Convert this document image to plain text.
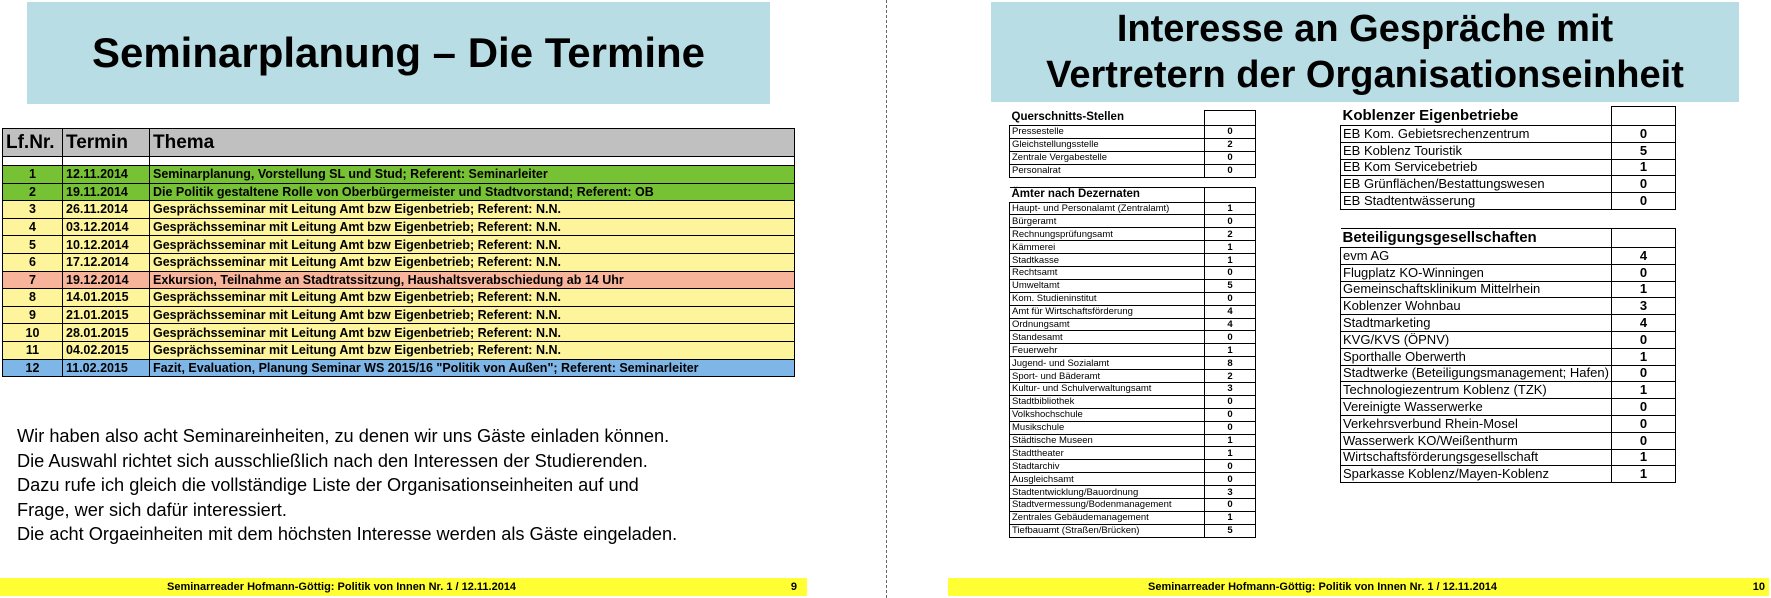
Seminarplanung – Die Termine
Lf.Nr.	Termin	Thema

1	12.11.2014	Seminarplanung, Vorstellung SL und Stud; Referent: Seminarleiter
2	19.11.2014	Die Politik gestaltene Rolle von Oberbürgermeister und Stadtvorstand; Referent: OB
3	26.11.2014	Gesprächsseminar mit Leitung Amt bzw Eigenbetrieb; Referent: N.N.
4	03.12.2014	Gesprächsseminar mit Leitung Amt bzw Eigenbetrieb; Referent: N.N.
5	10.12.2014	Gesprächsseminar mit Leitung Amt bzw Eigenbetrieb; Referent: N.N.
6	17.12.2014	Gesprächsseminar mit Leitung Amt bzw Eigenbetrieb; Referent: N.N.
7	19.12.2014	Exkursion, Teilnahme an Stadtratssitzung, Haushaltsverabschiedung ab 14 Uhr
8	14.01.2015	Gesprächsseminar mit Leitung Amt bzw Eigenbetrieb; Referent: N.N.
9	21.01.2015	Gesprächsseminar mit Leitung Amt bzw Eigenbetrieb; Referent: N.N.
10	28.01.2015	Gesprächsseminar mit Leitung Amt bzw Eigenbetrieb; Referent: N.N.
11	04.02.2015	Gesprächsseminar mit Leitung Amt bzw Eigenbetrieb; Referent: N.N.
12	11.02.2015	Fazit, Evaluation, Planung Seminar WS 2015/16 "Politik von Außen"; Referent: Seminarleiter

Wir haben also acht Seminareinheiten, zu denen wir uns Gäste einladen können.

Die Auswahl richtet sich ausschließlich nach den Interessen der Studierenden.

Dazu rufe ich gleich die vollständige Liste der Organisationseinheiten auf und

Frage, wer sich dafür interessiert.

Die acht Orgaeinheiten mit dem höchsten Interesse werden als Gäste eingeladen.

Seminarreader Hofmann-Göttig: Politik von Innen Nr. 1 / 12.11.2014	9
Interesse an Gespräche mit
Vertretern der Organisationseinheit
Querschnitts-Stellen	
Pressestelle	0
Gleichstellungsstelle	2
Zentrale Vergabestelle	0
Personalrat	0

Ämter nach Dezernaten	
Haupt- und Personalamt (Zentralamt)	1
Bürgeramt	0
Rechnungsprüfungsamt	2
Kämmerei	1
Stadtkasse	1
Rechtsamt	0
Umweltamt	5
Kom. Studieninstitut	0
Amt für Wirtschaftsförderung	4
Ordnungsamt	4
Standesamt	0
Feuerwehr	1
Jugend- und Sozialamt	8
Sport- und Bäderamt	2
Kultur- und Schulverwaltungsamt	3
Stadtbibliothek	0
Volkshochschule	0
Musikschule	0
Städtische Museen	1
Stadttheater	1
Stadtarchiv	0
Ausgleichsamt	0
Stadtentwicklung/Bauordnung	3
Stadtvermessung/Bodenmanagement	0
Zentrales Gebäudemanagement	1
Tiefbauamt (Straßen/Brücken)	5
Koblenzer Eigenbetriebe	
EB Kom. Gebietsrechenzentrum	0
EB Koblenz Touristik	5
EB Kom Servicebetrieb	1
EB Grünflächen/Bestattungswesen	0
EB Stadtentwässerung	0

Beteiligungsgesellschaften	
evm AG	4
Flugplatz KO-Winningen	0
Gemeinschaftsklinikum Mittelrhein	1
Koblenzer Wohnbau	3
Stadtmarketing	4
KVG/KVS (ÖPNV)	0
Sporthalle Oberwerth	1
Stadtwerke (Beteiligungsmanagement; Hafen)	0
Technologiezentrum Koblenz (TZK)	1
Vereinigte Wasserwerke	0
Verkehrsverbund Rhein-Mosel	0
Wasserwerk KO/Weißenthurm	0
Wirtschaftsförderungsgesellschaft	1
Sparkasse Koblenz/Mayen-Koblenz	1
Seminarreader Hofmann-Göttig: Politik von Innen Nr. 1 / 12.11.2014	10
